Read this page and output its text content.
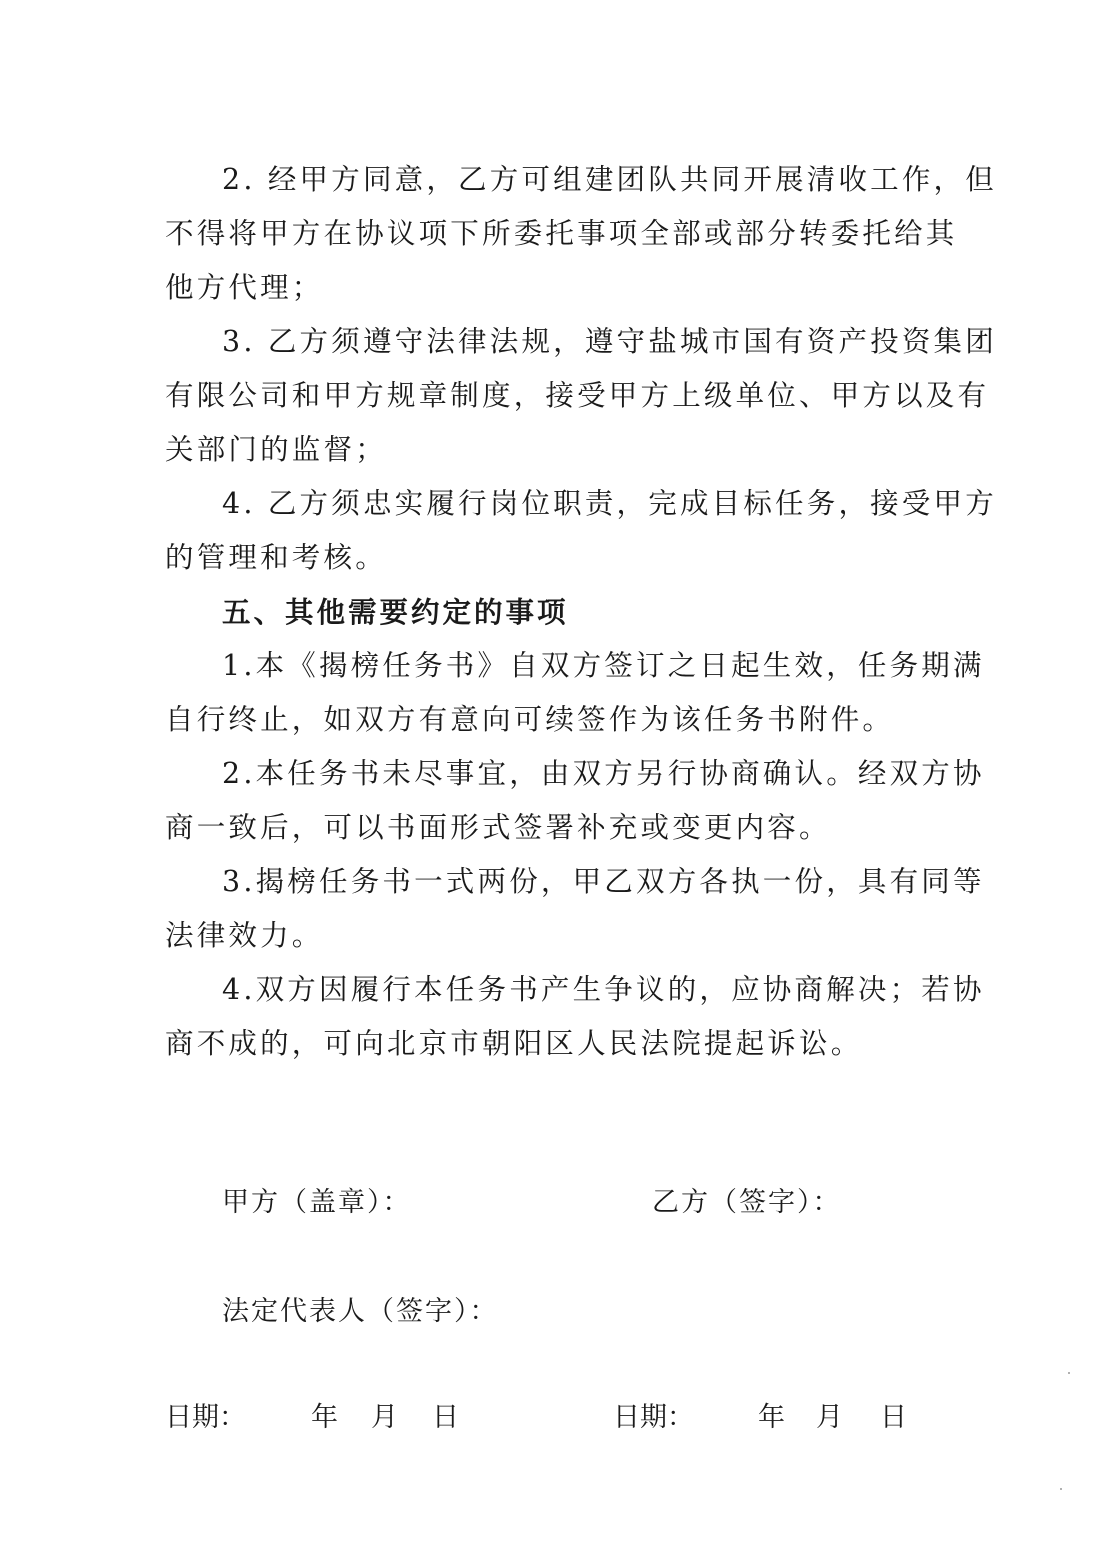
2. 经甲方同意，乙方可组建团队共同开展清收工作，但
不得将甲方在协议项下所委托事项全部或部分转委托给其
他方代理；
3. 乙方须遵守法律法规，遵守盐城市国有资产投资集团
有限公司和甲方规章制度，接受甲方上级单位、甲方以及有
关部门的监督；
4. 乙方须忠实履行岗位职责，完成目标任务，接受甲方
的管理和考核。
五、其他需要约定的事项
1.本《揭榜任务书》自双方签订之日起生效，任务期满
自行终止，如双方有意向可续签作为该任务书附件。
2.本任务书未尽事宜，由双方另行协商确认。经双方协
商一致后，可以书面形式签署补充或变更内容。
3.揭榜任务书一式两份，甲乙双方各执一份，具有同等
法律效力。
4.双方因履行本任务书产生争议的，应协商解决；若协
商不成的，可向北京市朝阳区人民法院提起诉讼。
甲方（盖章）：	乙方（签字）：
法定代表人（签字）：
日期： 年 月 日	日期： 年 月 日
